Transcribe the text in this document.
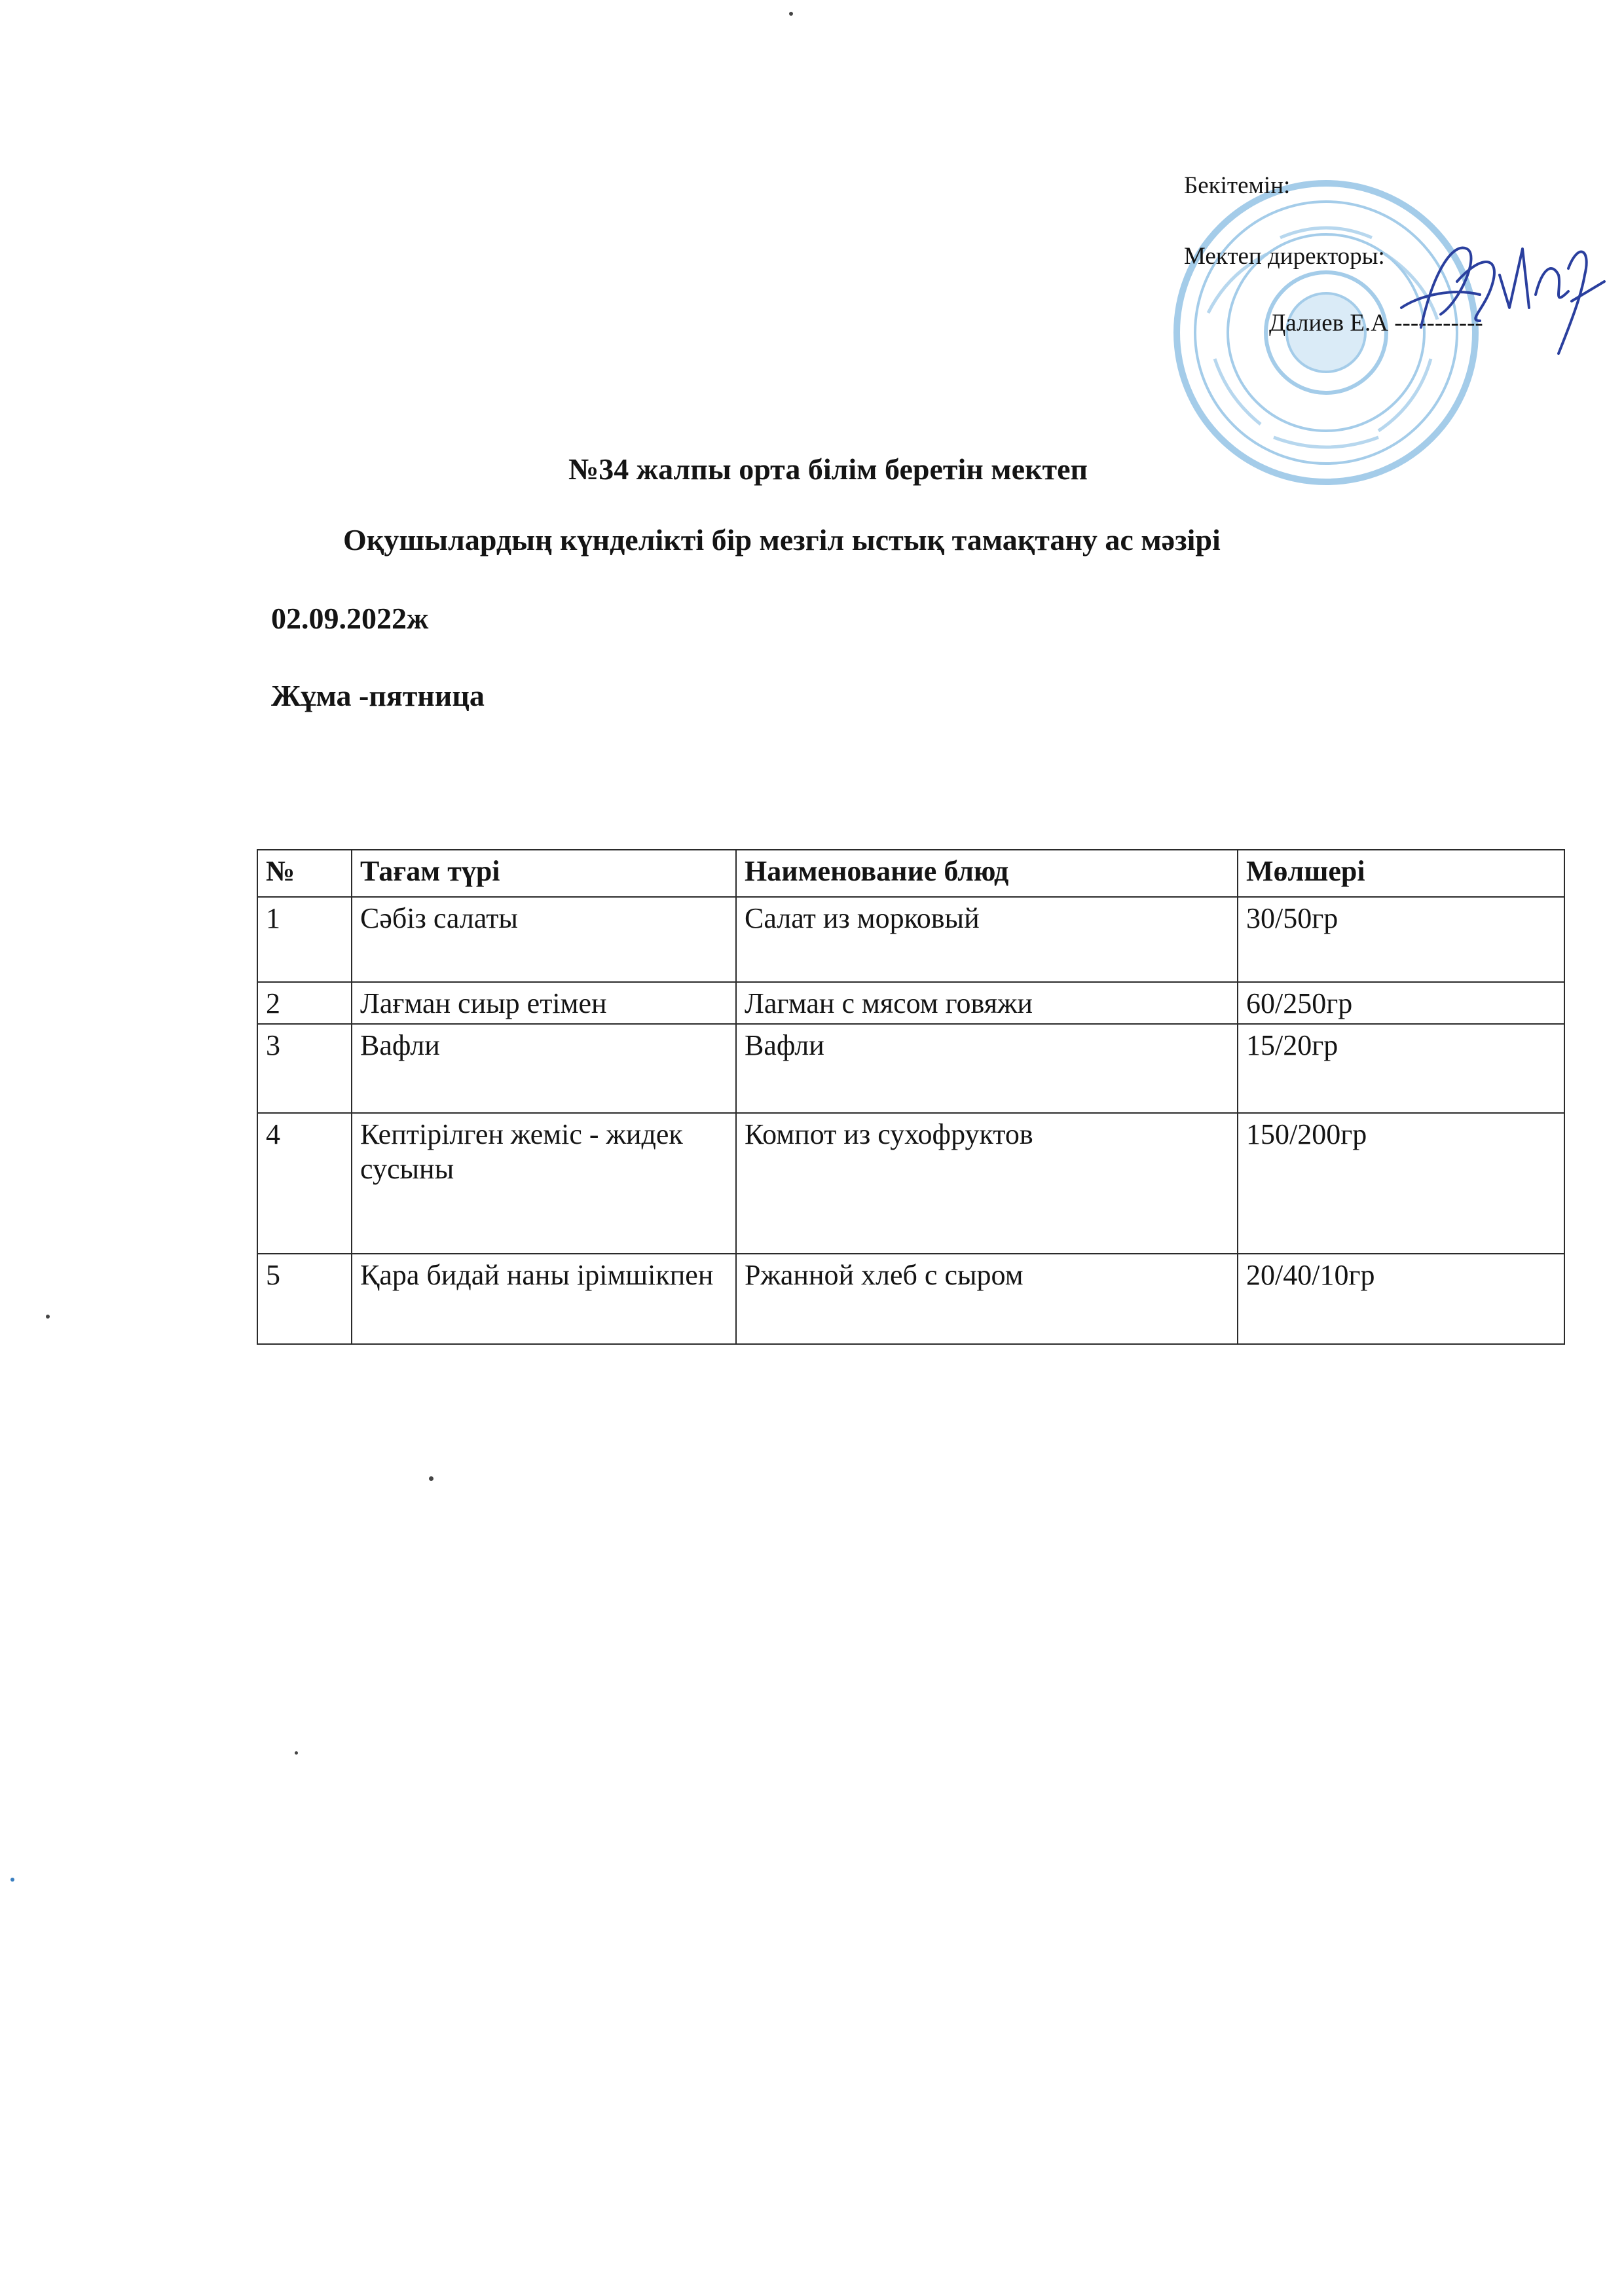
Бекітемін:
Мектеп директоры:
Далиев Е.А -----------
№34 жалпы орта білім беретін мектеп
Оқушылардың күнделікті бір мезгіл ыстық тамақтану ас мәзірі
02.09.2022ж
Жұма -пятница
№	Тағам түрі	Наименование блюд	Мөлшері
1	Сәбіз салаты	Салат из морковый	30/50гр
2	Лағман сиыр етімен	Лагман с мясом говяжи	60/250гр
3	Вафли	Вафли	15/20гр
4	Кептірілген жеміс - жидек сусыны	Компот из сухофруктов	150/200гр
5	Қара бидай наны ірімшікпен	Ржанной хлеб с сыром	20/40/10гр
